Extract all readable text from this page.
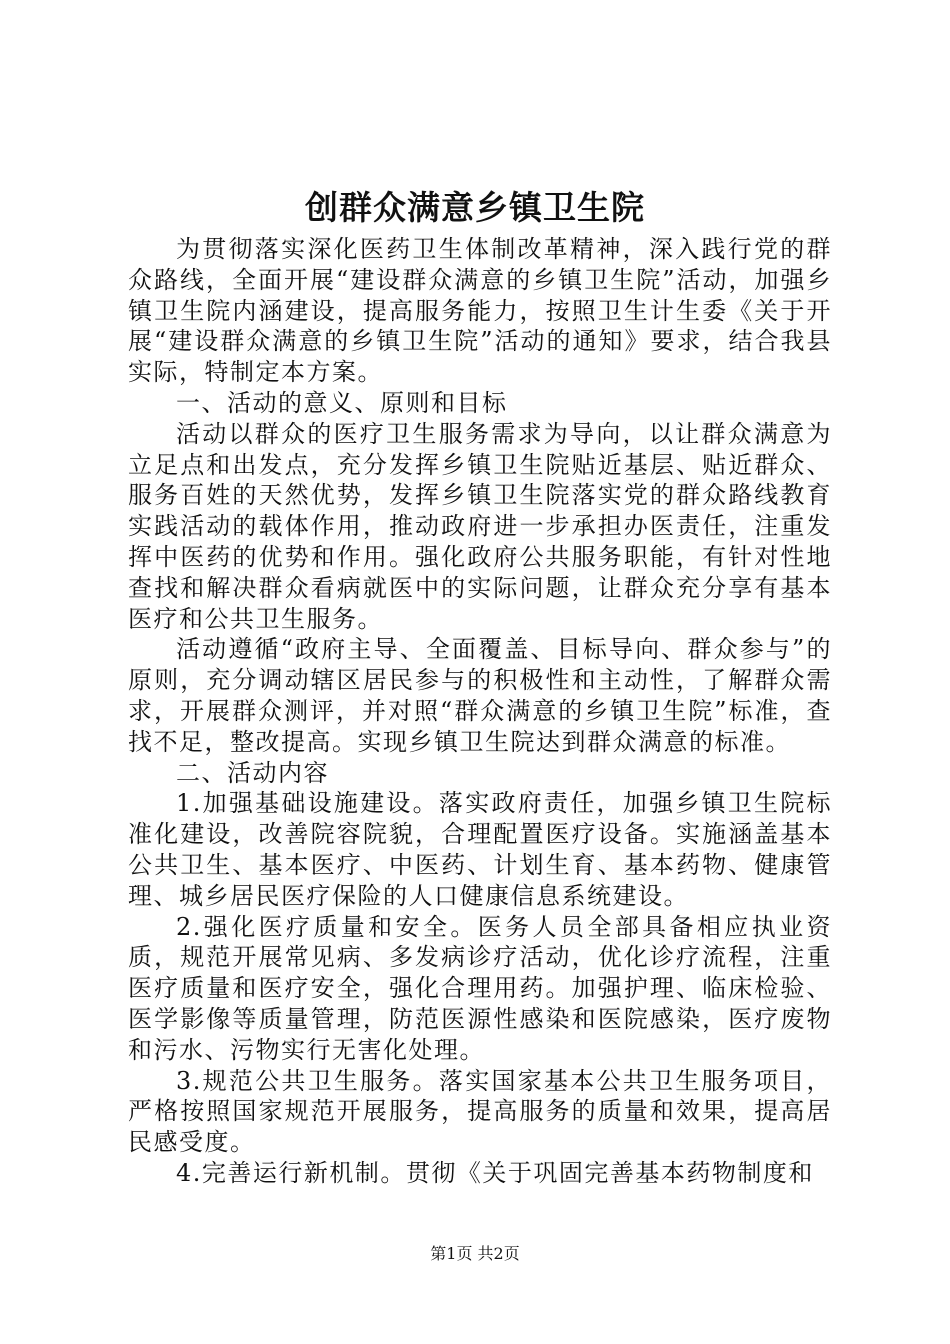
创群众满意乡镇卫生院

为贯彻落实深化医药卫生体制改革精神，深入践行党的群众路线，全面开展“建设群众满意的乡镇卫生院”活动，加强乡镇卫生院内涵建设，提高服务能力，按照卫生计生委《关于开展“建设群众满意的乡镇卫生院”活动的通知》要求，结合我县实际，特制定本方案。

一、活动的意义、原则和目标

活动以群众的医疗卫生服务需求为导向，以让群众满意为立足点和出发点，充分发挥乡镇卫生院贴近基层、贴近群众、服务百姓的天然优势，发挥乡镇卫生院落实党的群众路线教育实践活动的载体作用，推动政府进一步承担办医责任，注重发挥中医药的优势和作用。强化政府公共服务职能，有针对性地查找和解决群众看病就医中的实际问题，让群众充分享有基本医疗和公共卫生服务。

活动遵循“政府主导、全面覆盖、目标导向、群众参与”的原则，充分调动辖区居民参与的积极性和主动性，了解群众需求，开展群众测评，并对照“群众满意的乡镇卫生院”标准，查找不足，整改提高。实现乡镇卫生院达到群众满意的标准。

二、活动内容

1.加强基础设施建设。落实政府责任，加强乡镇卫生院标准化建设，改善院容院貌，合理配置医疗设备。实施涵盖基本公共卫生、基本医疗、中医药、计划生育、基本药物、健康管理、城乡居民医疗保险的人口健康信息系统建设。

2.强化医疗质量和安全。医务人员全部具备相应执业资质，规范开展常见病、多发病诊疗活动，优化诊疗流程，注重医疗质量和医疗安全，强化合理用药。加强护理、临床检验、医学影像等质量管理，防范医源性感染和医院感染，医疗废物和污水、污物实行无害化处理。

3.规范公共卫生服务。落实国家基本公共卫生服务项目，严格按照国家规范开展服务，提高服务的质量和效果，提高居民感受度。

4.完善运行新机制。贯彻《关于巩固完善基本药物制度和

第1页 共2页
